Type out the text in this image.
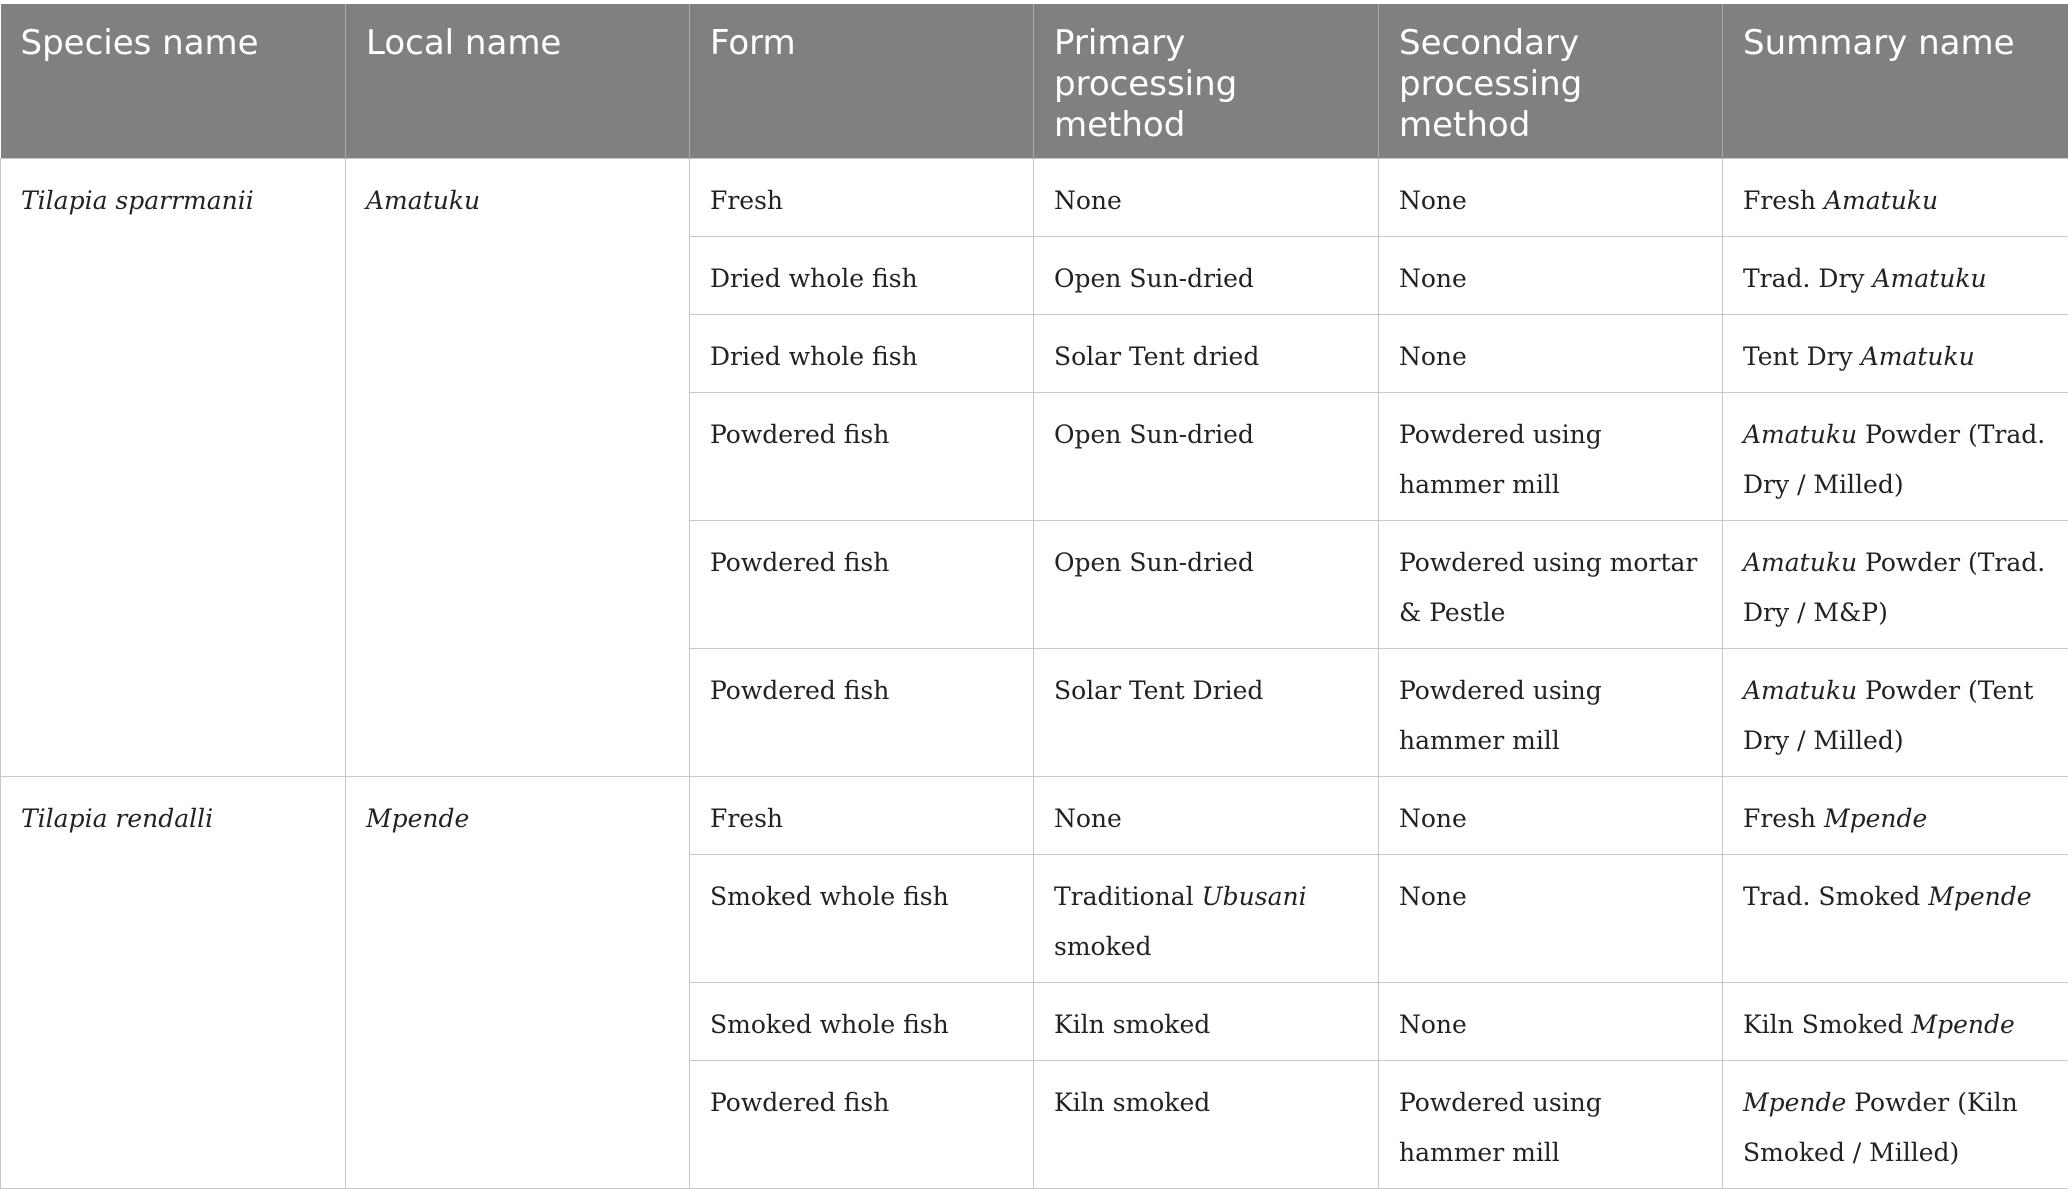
Species name	Local name	Form	Primary processing method	Secondary processing method	Summary name
Tilapia sparrmanii	Amatuku	Fresh	None	None	Fresh Amatuku
		Dried whole fish	Open Sun-dried	None	Trad. Dry Amatuku
		Dried whole fish	Solar Tent dried	None	Tent Dry Amatuku
		Powdered fish	Open Sun-dried	Powdered using hammer mill	Amatuku Powder (Trad. Dry / Milled)
		Powdered fish	Open Sun-dried	Powdered using mortar & Pestle	Amatuku Powder (Trad. Dry / M&P)
		Powdered fish	Solar Tent Dried	Powdered using hammer mill	Amatuku Powder (Tent Dry / Milled)
Tilapia rendalli	Mpende	Fresh	None	None	Fresh Mpende
		Smoked whole fish	Traditional Ubusani smoked	None	Trad. Smoked Mpende
		Smoked whole fish	Kiln smoked	None	Kiln Smoked Mpende
		Powdered fish	Kiln smoked	Powdered using hammer mill	Mpende Powder (Kiln Smoked / Milled)
